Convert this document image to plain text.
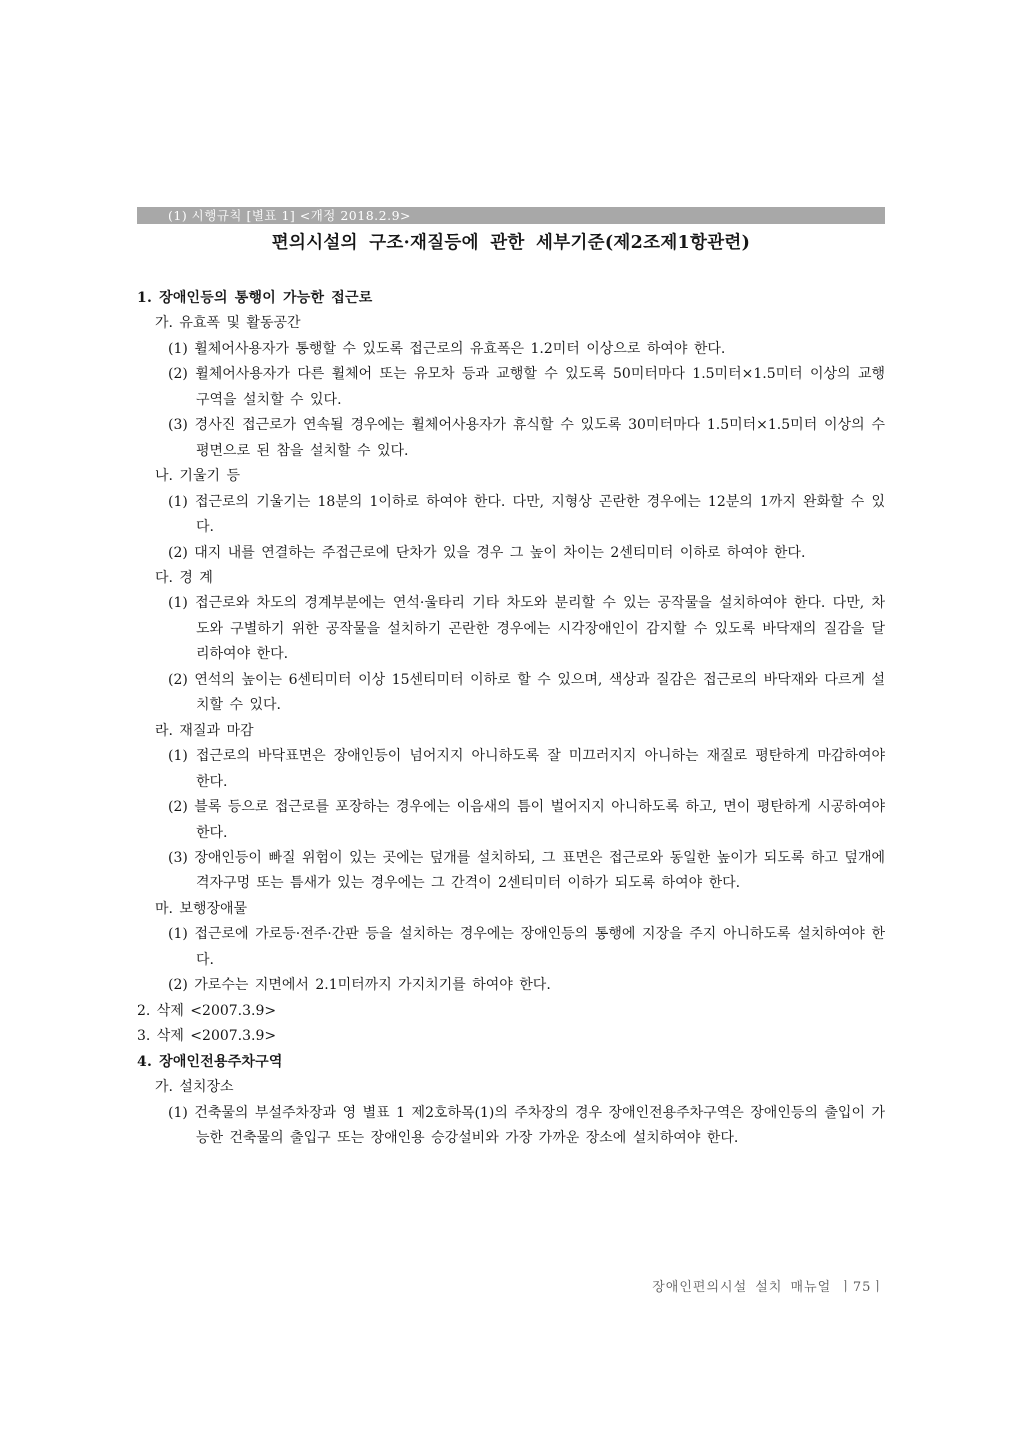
(1) 시행규칙 [별표 1] <개정 2018.2.9>
편의시설의 구조·재질등에 관한 세부기준(제2조제1항관련)
1. 장애인등의 통행이 가능한 접근로
가. 유효폭 및 활동공간
(1) 휠체어사용자가 통행할 수 있도록 접근로의 유효폭은 1.2미터 이상으로 하여야 한다.
(2) 휠체어사용자가 다른 휠체어 또는 유모차 등과 교행할 수 있도록 50미터마다 1.5미터×1.5미터 이상의 교행구역을 설치할 수 있다.
(3) 경사진 접근로가 연속될 경우에는 휠체어사용자가 휴식할 수 있도록 30미터마다 1.5미터×1.5미터 이상의 수평면으로 된 참을 설치할 수 있다.
나. 기울기 등
(1) 접근로의 기울기는 18분의 1이하로 하여야 한다. 다만, 지형상 곤란한 경우에는 12분의 1까지 완화할 수 있다.
(2) 대지 내를 연결하는 주접근로에 단차가 있을 경우 그 높이 차이는 2센티미터 이하로 하여야 한다.
다. 경 계
(1) 접근로와 차도의 경계부분에는 연석·울타리 기타 차도와 분리할 수 있는 공작물을 설치하여야 한다. 다만, 차도와 구별하기 위한 공작물을 설치하기 곤란한 경우에는 시각장애인이 감지할 수 있도록 바닥재의 질감을 달리하여야 한다.
(2) 연석의 높이는 6센티미터 이상 15센티미터 이하로 할 수 있으며, 색상과 질감은 접근로의 바닥재와 다르게 설치할 수 있다.
라. 재질과 마감
(1) 접근로의 바닥표면은 장애인등이 넘어지지 아니하도록 잘 미끄러지지 아니하는 재질로 평탄하게 마감하여야 한다.
(2) 블록 등으로 접근로를 포장하는 경우에는 이음새의 틈이 벌어지지 아니하도록 하고, 면이 평탄하게 시공하여야 한다.
(3) 장애인등이 빠질 위험이 있는 곳에는 덮개를 설치하되, 그 표면은 접근로와 동일한 높이가 되도록 하고 덮개에 격자구멍 또는 틈새가 있는 경우에는 그 간격이 2센티미터 이하가 되도록 하여야 한다.
마. 보행장애물
(1) 접근로에 가로등·전주·간판 등을 설치하는 경우에는 장애인등의 통행에 지장을 주지 아니하도록 설치하여야 한다.
(2) 가로수는 지면에서 2.1미터까지 가지치기를 하여야 한다.
2. 삭제 <2007.3.9>
3. 삭제 <2007.3.9>
4. 장애인전용주차구역
가. 설치장소
(1) 건축물의 부설주차장과 영 별표 1 제2호하목(1)의 주차장의 경우 장애인전용주차구역은 장애인등의 출입이 가능한 건축물의 출입구 또는 장애인용 승강설비와 가장 가까운 장소에 설치하여야 한다.
장애인편의시설 설치 매뉴얼 ㅣ75ㅣ
